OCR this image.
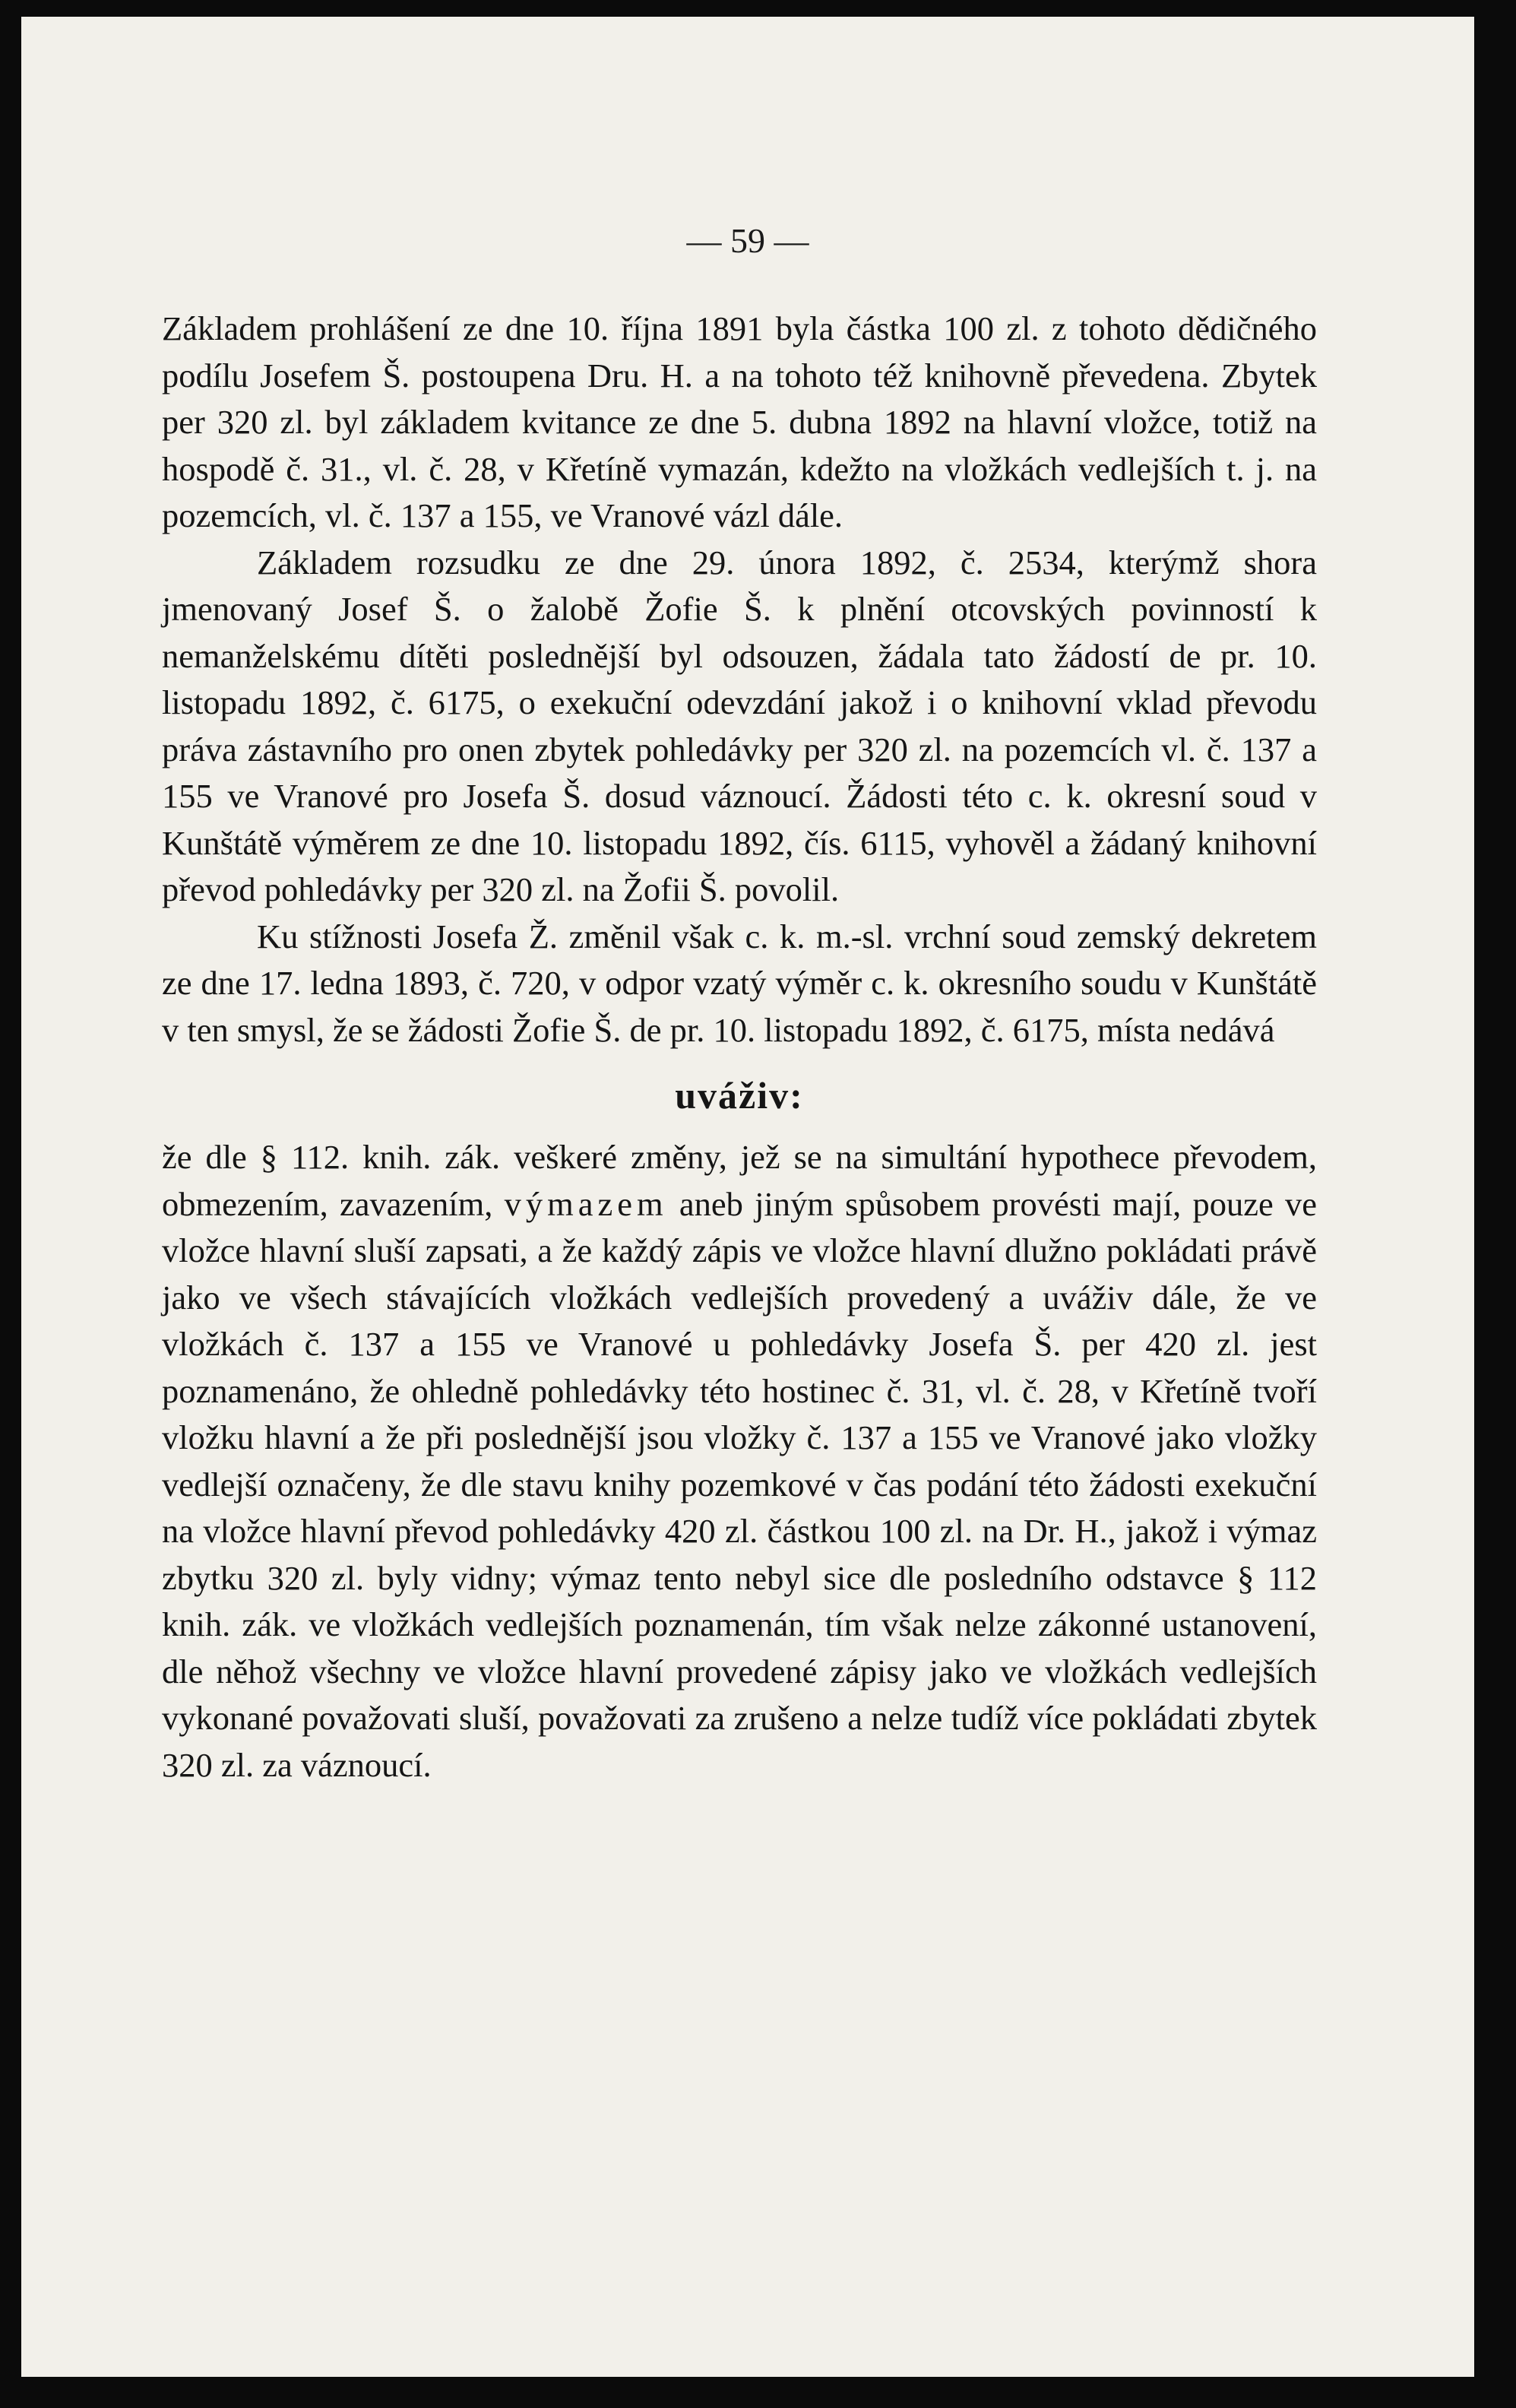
— 59 —

Základem prohlášení ze dne 10. října 1891 byla částka 100 zl. z tohoto dědičného podílu Josefem Š. postoupena Dru. H. a na tohoto též knihovně převedena. Zbytek per 320 zl. byl základem kvitance ze dne 5. dubna 1892 na hlavní vložce, totiž na hospodě č. 31., vl. č. 28, v Křetíně vymazán, kdežto na vložkách vedlejších t. j. na pozemcích, vl. č. 137 a 155, ve Vranové vázl dále.

Základem rozsudku ze dne 29. února 1892, č. 2534, kterýmž shora jmenovaný Josef Š. o žalobě Žofie Š. k plnění otcovských povinností k nemanželskému dítěti poslednější byl odsouzen, žádala tato žádostí de pr. 10. listopadu 1892, č. 6175, o exekuční odevzdání jakož i o knihovní vklad převodu práva zástavního pro onen zbytek pohledávky per 320 zl. na pozemcích vl. č. 137 a 155 ve Vranové pro Josefa Š. dosud váznoucí. Žádosti této c. k. okresní soud v Kunštátě výměrem ze dne 10. listopadu 1892, čís. 6115, vyhověl a žádaný knihovní převod pohledávky per 320 zl. na Žofii Š. povolil.

Ku stížnosti Josefa Ž. změnil však c. k. m.-sl. vrchní soud zemský dekretem ze dne 17. ledna 1893, č. 720, v odpor vzatý výměr c. k. okresního soudu v Kunštátě v ten smysl, že se žádosti Žofie Š. de pr. 10. listopadu 1892, č. 6175, místa nedává

uváživ:

že dle § 112. knih. zák. veškeré změny, jež se na simultání hypothece převodem, obmezením, zavazením, výmazem aneb jiným spůsobem provésti mají, pouze ve vložce hlavní sluší zapsati, a že každý zápis ve vložce hlavní dlužno pokládati právě jako ve všech stávajících vložkách vedlejších provedený a uváživ dále, že ve vložkách č. 137 a 155 ve Vranové u pohledávky Josefa Š. per 420 zl. jest poznamenáno, že ohledně pohledávky této hostinec č. 31, vl. č. 28, v Křetíně tvoří vložku hlavní a že při poslednější jsou vložky č. 137 a 155 ve Vranové jako vložky vedlejší označeny, že dle stavu knihy pozemkové v čas podání této žádosti exekuční na vložce hlavní převod pohledávky 420 zl. částkou 100 zl. na Dr. H., jakož i výmaz zbytku 320 zl. byly vidny; výmaz tento nebyl sice dle posledního odstavce § 112 knih. zák. ve vložkách vedlejších poznamenán, tím však nelze zákonné ustanovení, dle něhož všechny ve vložce hlavní provedené zápisy jako ve vložkách vedlejších vykonané považovati sluší, považovati za zrušeno a nelze tudíž více pokládati zbytek 320 zl. za váznoucí.
